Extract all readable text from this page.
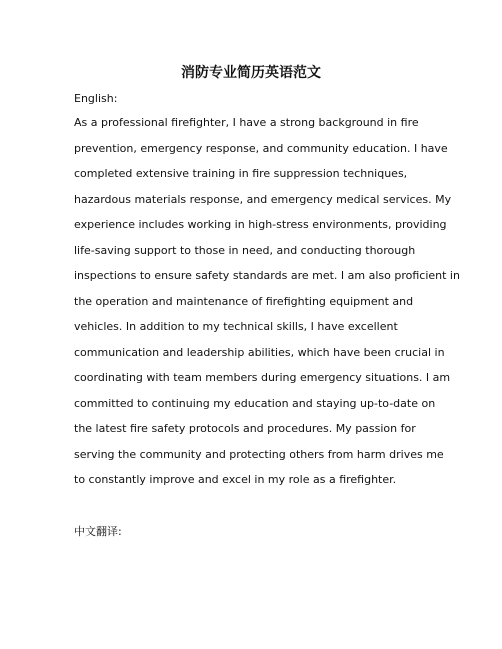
消防专业简历英语范文
English:
As a professional firefighter, I have a strong background in fire
prevention, emergency response, and community education. I have
completed extensive training in fire suppression techniques,
hazardous materials response, and emergency medical services. My
experience includes working in high-stress environments, providing
life-saving support to those in need, and conducting thorough
inspections to ensure safety standards are met. I am also proficient in
the operation and maintenance of firefighting equipment and
vehicles. In addition to my technical skills, I have excellent
communication and leadership abilities, which have been crucial in
coordinating with team members during emergency situations. I am
committed to continuing my education and staying up-to-date on
the latest fire safety protocols and procedures. My passion for
serving the community and protecting others from harm drives me
to constantly improve and excel in my role as a firefighter.
中文翻译:
